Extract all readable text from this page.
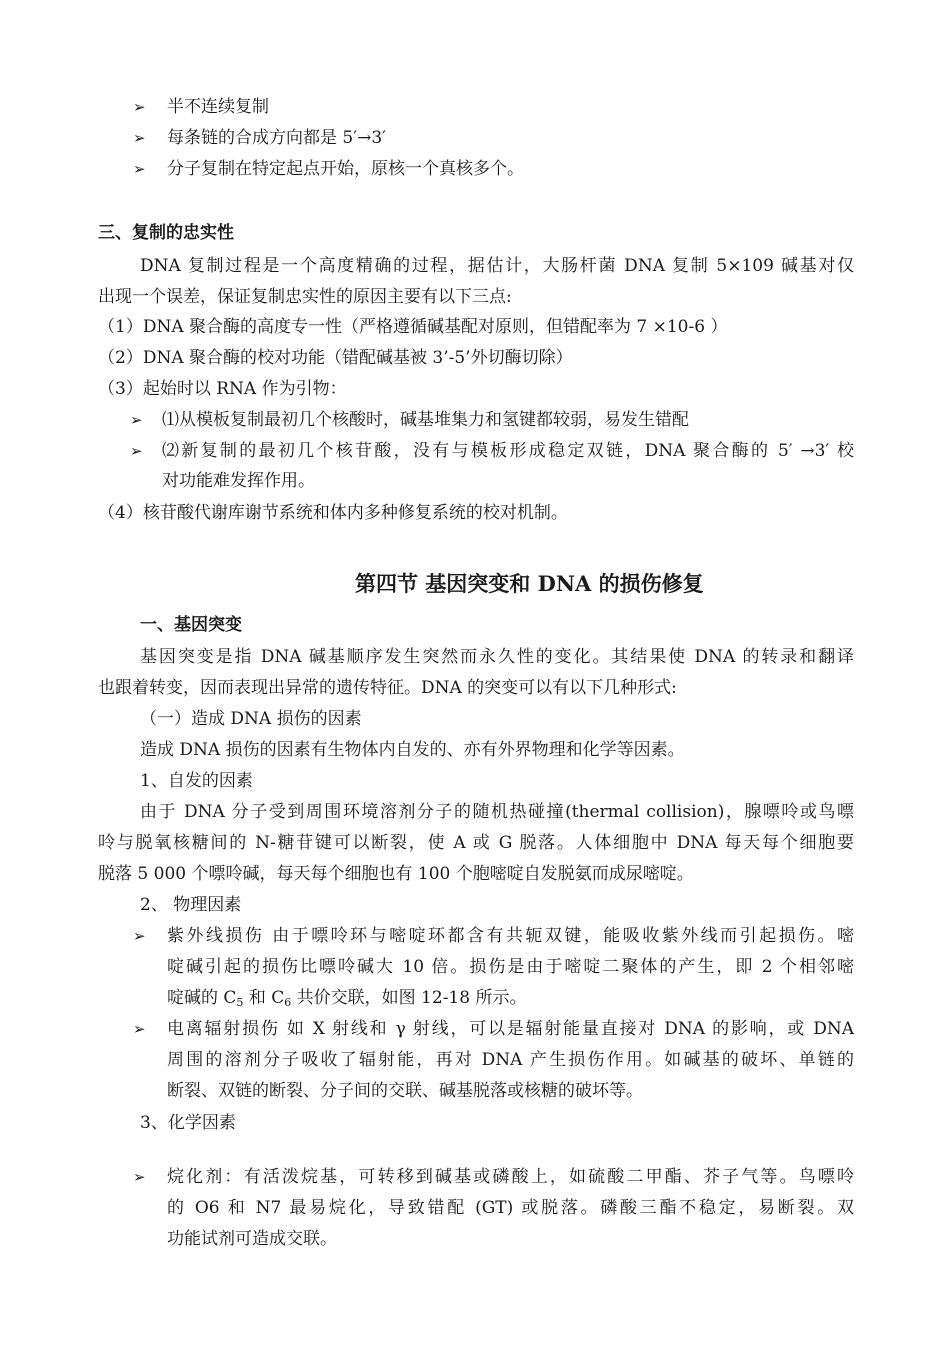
➢ 半不连续复制
➢ 每条链的合成方向都是 5′→3′
➢ 分子复制在特定起点开始，原核一个真核多个。
三、复制的忠实性
DNA 复制过程是一个高度精确的过程，据估计，大肠杆菌 DNA 复制 5×109 碱基对仅
出现一个误差，保证复制忠实性的原因主要有以下三点:
（1）DNA 聚合酶的高度专一性（严格遵循碱基配对原则，但错配率为 7 ×10-6 ）
（2）DNA 聚合酶的校对功能（错配碱基被 3’-5’外切酶切除）
（3）起始时以 RNA 作为引物：
➢ ⑴从模板复制最初几个核酸时，碱基堆集力和氢键都较弱，易发生错配
➢ ⑵新复制的最初几个核苷酸，没有与模板形成稳定双链，DNA 聚合酶的 5′ →3′ 校
对功能难发挥作用。
（4）核苷酸代谢库谢节系统和体内多种修复系统的校对机制。
第四节 基因突变和 DNA 的损伤修复
一、基因突变
基因突变是指 DNA 碱基顺序发生突然而永久性的变化。其结果使 DNA 的转录和翻译
也跟着转变，因而表现出异常的遗传特征。DNA 的突变可以有以下几种形式:
（一）造成 DNA 损伤的因素
造成 DNA 损伤的因素有生物体内自发的、亦有外界物理和化学等因素。
1、自发的因素
由于 DNA 分子受到周围环境溶剂分子的随机热碰撞(thermal collision)，腺嘌呤或鸟嘌
呤与脱氧核糖间的 N-糖苷键可以断裂，使 A 或 G 脱落。人体细胞中 DNA 每天每个细胞要
脱落 5 000 个嘌呤碱，每天每个细胞也有 100 个胞嘧啶自发脱氨而成尿嘧啶。
2、 物理因素
➢ 紫外线损伤 由于嘌呤环与嘧啶环都含有共轭双键，能吸收紫外线而引起损伤。嘧
啶碱引起的损伤比嘌呤碱大 10 倍。损伤是由于嘧啶二聚体的产生，即 2 个相邻嘧
啶碱的 $C_5$ 和 $C_6$ 共价交联，如图 12-18 所示。
➢ 电离辐射损伤 如 X 射线和 γ 射线，可以是辐射能量直接对 DNA 的影响，或 DNA
周围的溶剂分子吸收了辐射能，再对 DNA 产生损伤作用。如碱基的破坏、单链的
断裂、双链的断裂、分子间的交联、碱基脱落或核糖的破坏等。
3、化学因素
➢ 烷化剂：有活泼烷基，可转移到碱基或磷酸上，如硫酸二甲酯、芥子气等。鸟嘌呤
的 O6 和 N7 最易烷化，导致错配 (GT) 或脱落。磷酸三酯不稳定，易断裂。双
功能试剂可造成交联。
